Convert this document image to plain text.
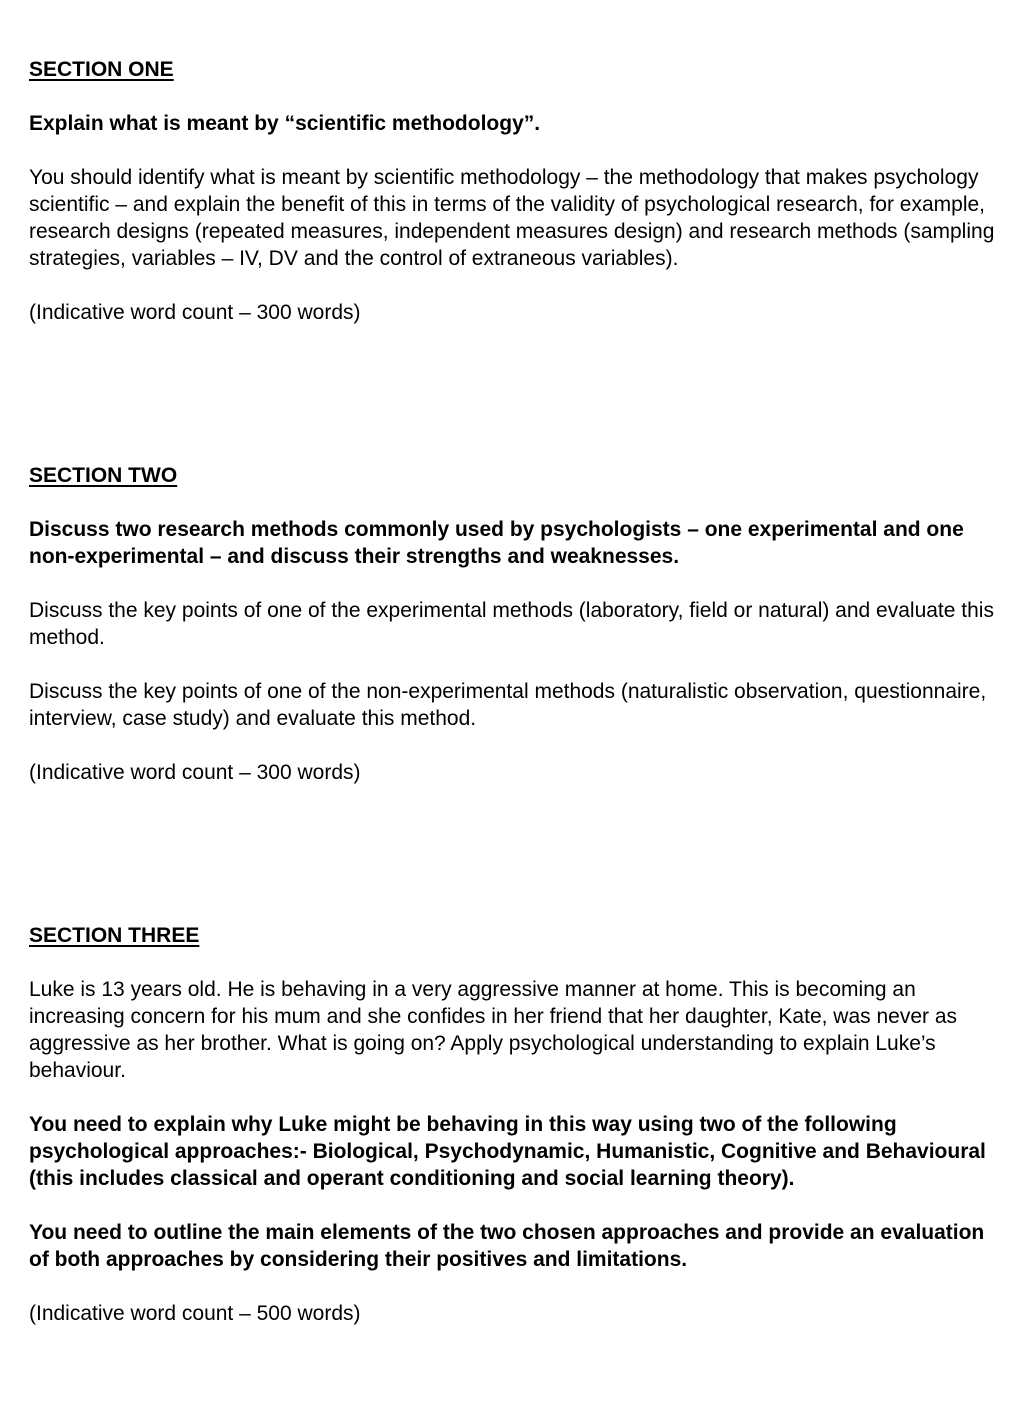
SECTION ONE

Explain what is meant by “scientific methodology”.

You should identify what is meant by scientific methodology – the methodology that makes psychology scientific – and explain the benefit of this in terms of the validity of psychological research, for example, research designs (repeated measures, independent measures design) and research methods (sampling strategies, variables – IV, DV and the control of extraneous variables).

(Indicative word count – 300 words)

SECTION TWO

Discuss two research methods commonly used by psychologists – one experimental and one non-experimental – and discuss their strengths and weaknesses.

Discuss the key points of one of the experimental methods (laboratory, field or natural) and evaluate this method.

Discuss the key points of one of the non-experimental methods (naturalistic observation, questionnaire, interview, case study) and evaluate this method.

(Indicative word count – 300 words)

SECTION THREE

Luke is 13 years old. He is behaving in a very aggressive manner at home. This is becoming an increasing concern for his mum and she confides in her friend that her daughter, Kate, was never as aggressive as her brother. What is going on? Apply psychological understanding to explain Luke’s behaviour.

You need to explain why Luke might be behaving in this way using two of the following psychological approaches:- Biological, Psychodynamic, Humanistic, Cognitive and Behavioural (this includes classical and operant conditioning and social learning theory).

You need to outline the main elements of the two chosen approaches and provide an evaluation of both approaches by considering their positives and limitations.

(Indicative word count – 500 words)
